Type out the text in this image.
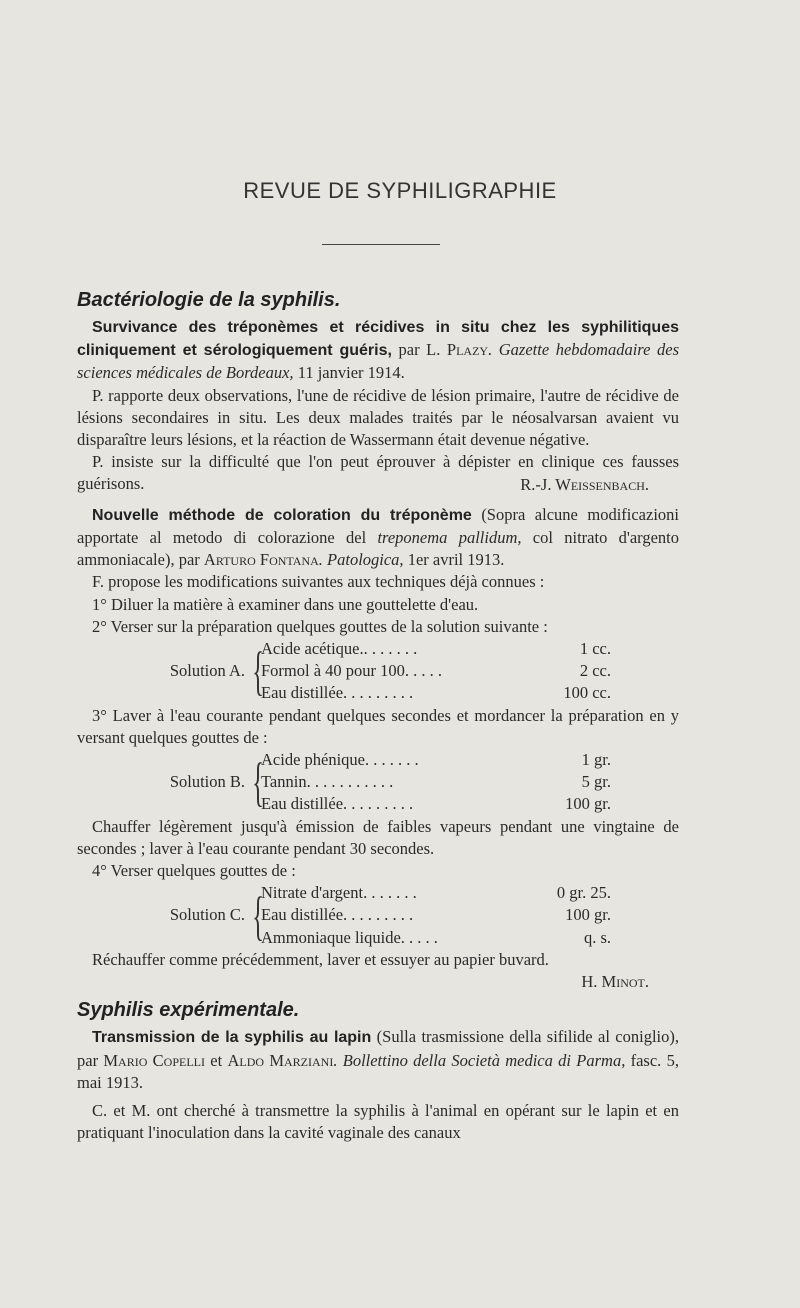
REVUE DE SYPHILIGRAPHIE
Bactériologie de la syphilis.

Survivance des tréponèmes et récidives in situ chez les syphilitiques cliniquement et sérologiquement guéris, par L. Plazy. Gazette hebdomadaire des sciences médicales de Bordeaux, 11 janvier 1914.

P. rapporte deux observations, l'une de récidive de lésion primaire, l'autre de récidive de lésions secondaires in situ. Les deux malades traités par le néosalvarsan avaient vu disparaître leurs lésions, et la réaction de Wassermann était devenue négative.

P. insiste sur la difficulté que l'on peut éprouver à dépister en clinique ces fausses guérisons.	R.-J. Weissenbach.

Nouvelle méthode de coloration du tréponème (Sopra alcune modificazioni apportate al metodo di colorazione del treponema pallidum, col nitrato d'argento ammoniacale), par Arturo Fontana. Patologica, 1er avril 1913.

F. propose les modifications suivantes aux techniques déjà connues :

1° Diluer la matière à examiner dans une gouttelette d'eau.

2° Verser sur la préparation quelques gouttes de la solution suivante :

Solution A. {
Acide acétique.. . . . . . .	1 cc.
Formol à 40 pour 100. . . . .	2 cc.
Eau distillée. . . . . . . . .	100 cc.

3° Laver à l'eau courante pendant quelques secondes et mordancer la préparation en y versant quelques gouttes de :

Solution B. {
Acide phénique. . . . . . .	1 gr.
Tannin. . . . . . . . . . .	5 gr.
Eau distillée. . . . . . . . .	100 gr.

Chauffer légèrement jusqu'à émission de faibles vapeurs pendant une vingtaine de secondes ; laver à l'eau courante pendant 30 secondes.

4° Verser quelques gouttes de :

Solution C. {
Nitrate d'argent. . . . . . .	0 gr. 25.
Eau distillée. . . . . . . . .	100 gr.
Ammoniaque liquide. . . . .	q. s.

Réchauffer comme précédemment, laver et essuyer au papier buvard.

H. Minot.

Syphilis expérimentale.

Transmission de la syphilis au lapin (Sulla trasmissione della sifilide al coniglio), par Mario Copelli et Aldo Marziani. Bollettino della Società medica di Parma, fasc. 5, mai 1913.

C. et M. ont cherché à transmettre la syphilis à l'animal en opérant sur le lapin et en pratiquant l'inoculation dans la cavité vaginale des canaux
